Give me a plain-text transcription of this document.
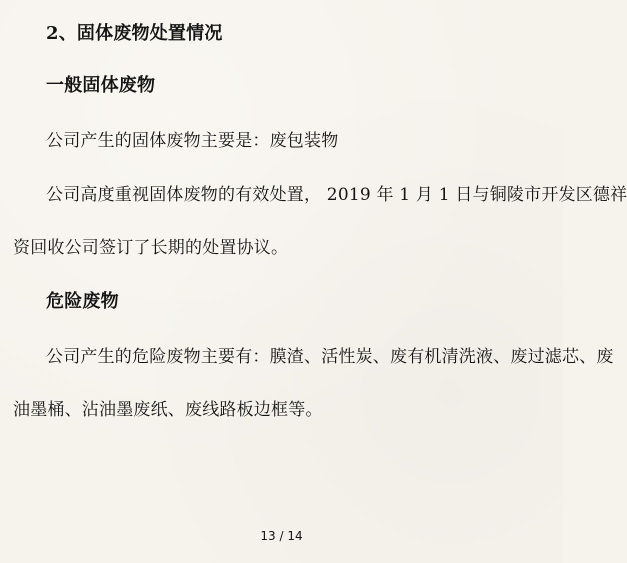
2、固体废物处置情况
一般固体废物
公司产生的固体废物主要是：废包装物
公司高度重视固体废物的有效处置， 2019 年 1 月 1 日与铜陵市开发区德祥
资回收公司签订了长期的处置协议。
危险废物
公司产生的危险废物主要有：膜渣、活性炭、废有机清洗液、废过滤芯、废
油墨桶、沾油墨废纸、废线路板边框等。
13 / 14
